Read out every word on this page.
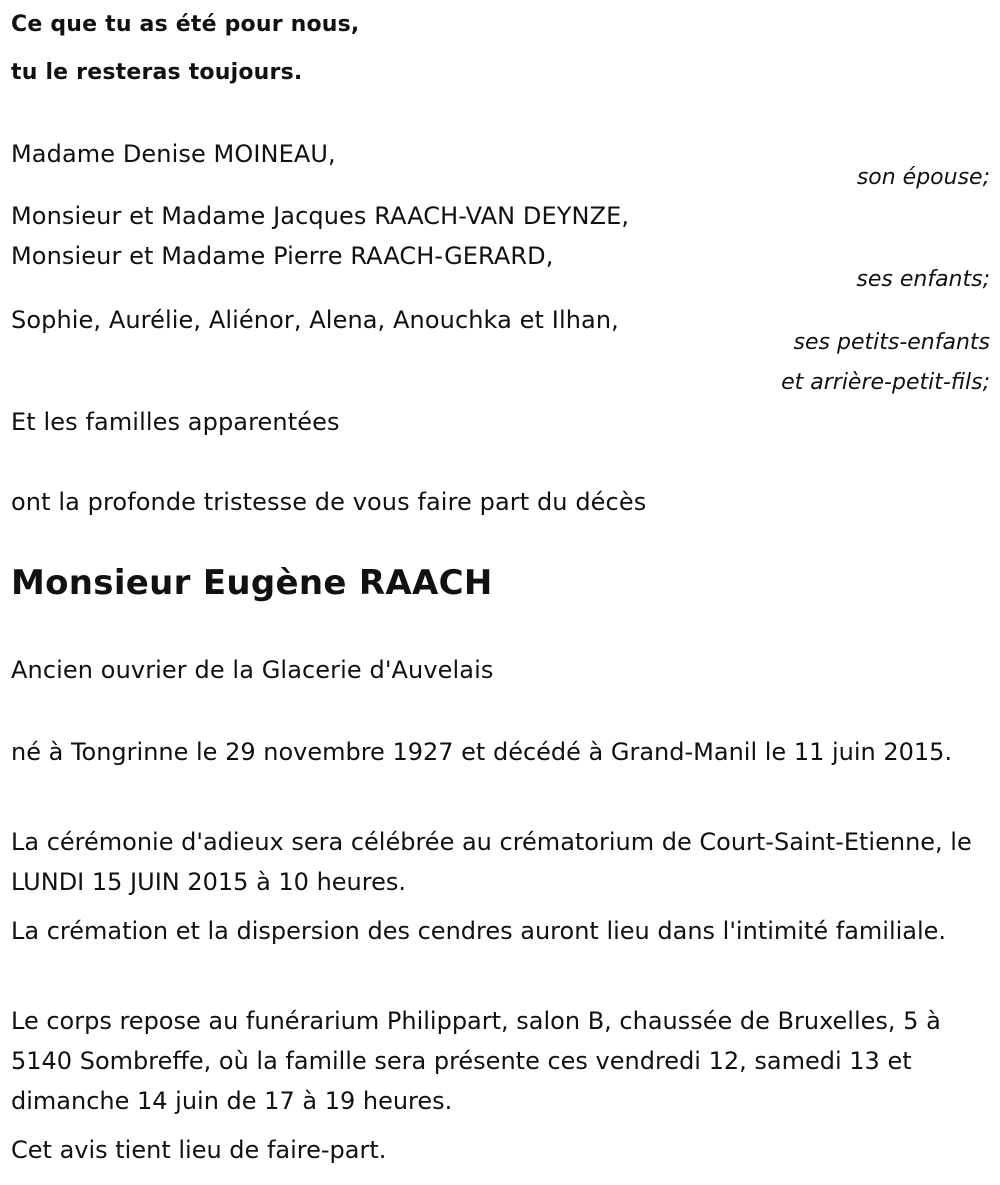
Ce que tu as été pour nous,

tu le resteras toujours.

Madame Denise MOINEAU,

son épouse;

Monsieur et Madame Jacques RAACH-VAN DEYNZE,

Monsieur et Madame Pierre RAACH-GERARD,

ses enfants;

Sophie, Aurélie, Aliénor, Alena, Anouchka et Ilhan,

ses petits-enfants

et arrière-petit-fils;

Et les familles apparentées

ont la profonde tristesse de vous faire part du décès

Monsieur Eugène RAACH

Ancien ouvrier de la Glacerie d'Auvelais

né à Tongrinne le 29 novembre 1927 et décédé à Grand-Manil le 11 juin 2015.

La cérémonie d'adieux sera célébrée au crématorium de Court-Saint-Etienne, le LUNDI 15 JUIN 2015 à 10 heures.

La crémation et la dispersion des cendres auront lieu dans l'intimité familiale.

Le corps repose au funérarium Philippart, salon B, chaussée de Bruxelles, 5 à 5140 Sombreffe, où la famille sera présente ces vendredi 12, samedi 13 et dimanche 14 juin de 17 à 19 heures.

Cet avis tient lieu de faire-part.
